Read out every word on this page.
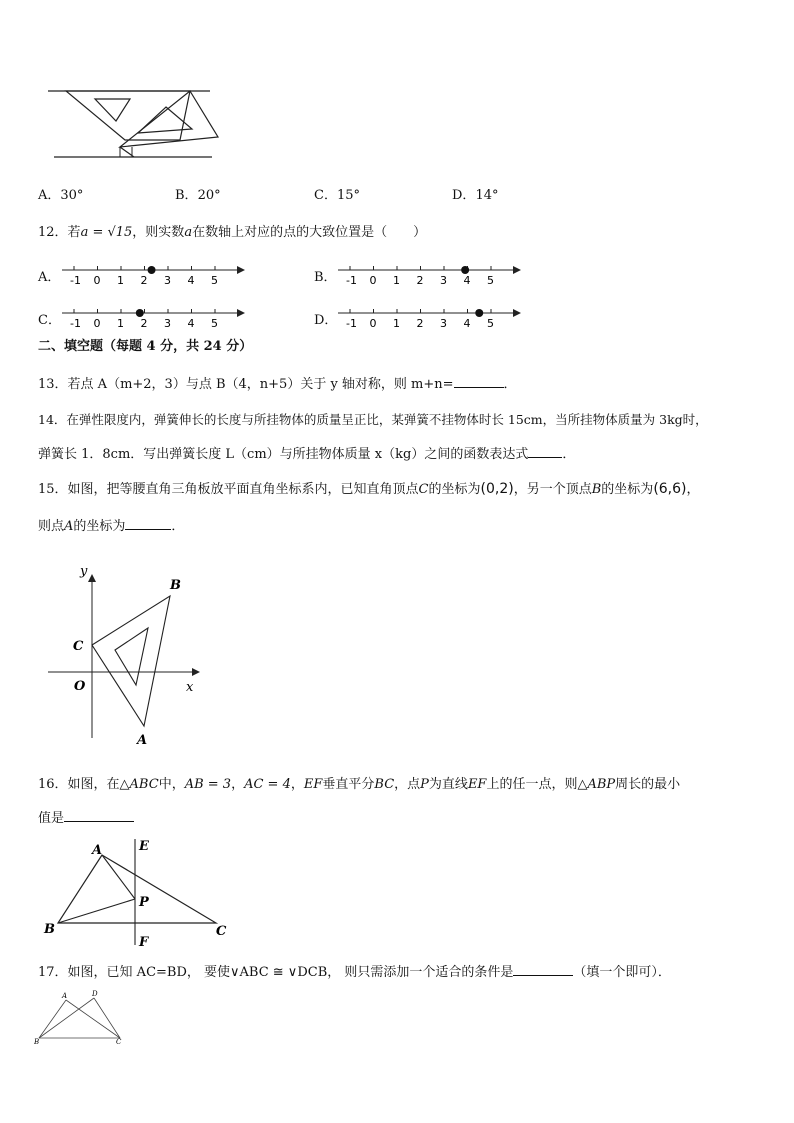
A．30°	B．20°	C．15°	D．14°
12．若a = √15，则实数a在数轴上对应的点的大致位置是（　　）
A． -1 0 1 2 3 4 5	B． -1 0 1 2 3 4 5
C． -1 0 1 2 3 4 5	D． -1 0 1 2 3 4 5
二、填空题（每题 4 分，共 24 分）
13．若点 A（m+2，3）与点 B（4，n+5）关于 y 轴对称，则 m+n=	．
14．在弹性限度内，弹簧伸长的长度与所挂物体的质量呈正比，某弹簧不挂物体时长 15cm，当所挂物体质量为 3kg时，
弹簧长 1．8cm．写出弹簧长度 L（cm）与所挂物体质量 x（kg）之间的函数表达式	．
15．如图，把等腰直角三角板放平面直角坐标系内，已知直角顶点C的坐标为(0,2)，另一个顶点B的坐标为(6,6)，
则点A的坐标为	．
y
x
O
B
C
A
16．如图，在△ABC中，AB = 3，AC = 4，EF垂直平分BC，点P为直线EF上的任一点，则△ABP周长的最小
值是
A
B	C
E
F
P
17．如图，已知 AC=BD， 要使∨ABC ≅ ∨DCB， 则只需添加一个适合的条件是	（填一个即可）．
A	D
B	C
